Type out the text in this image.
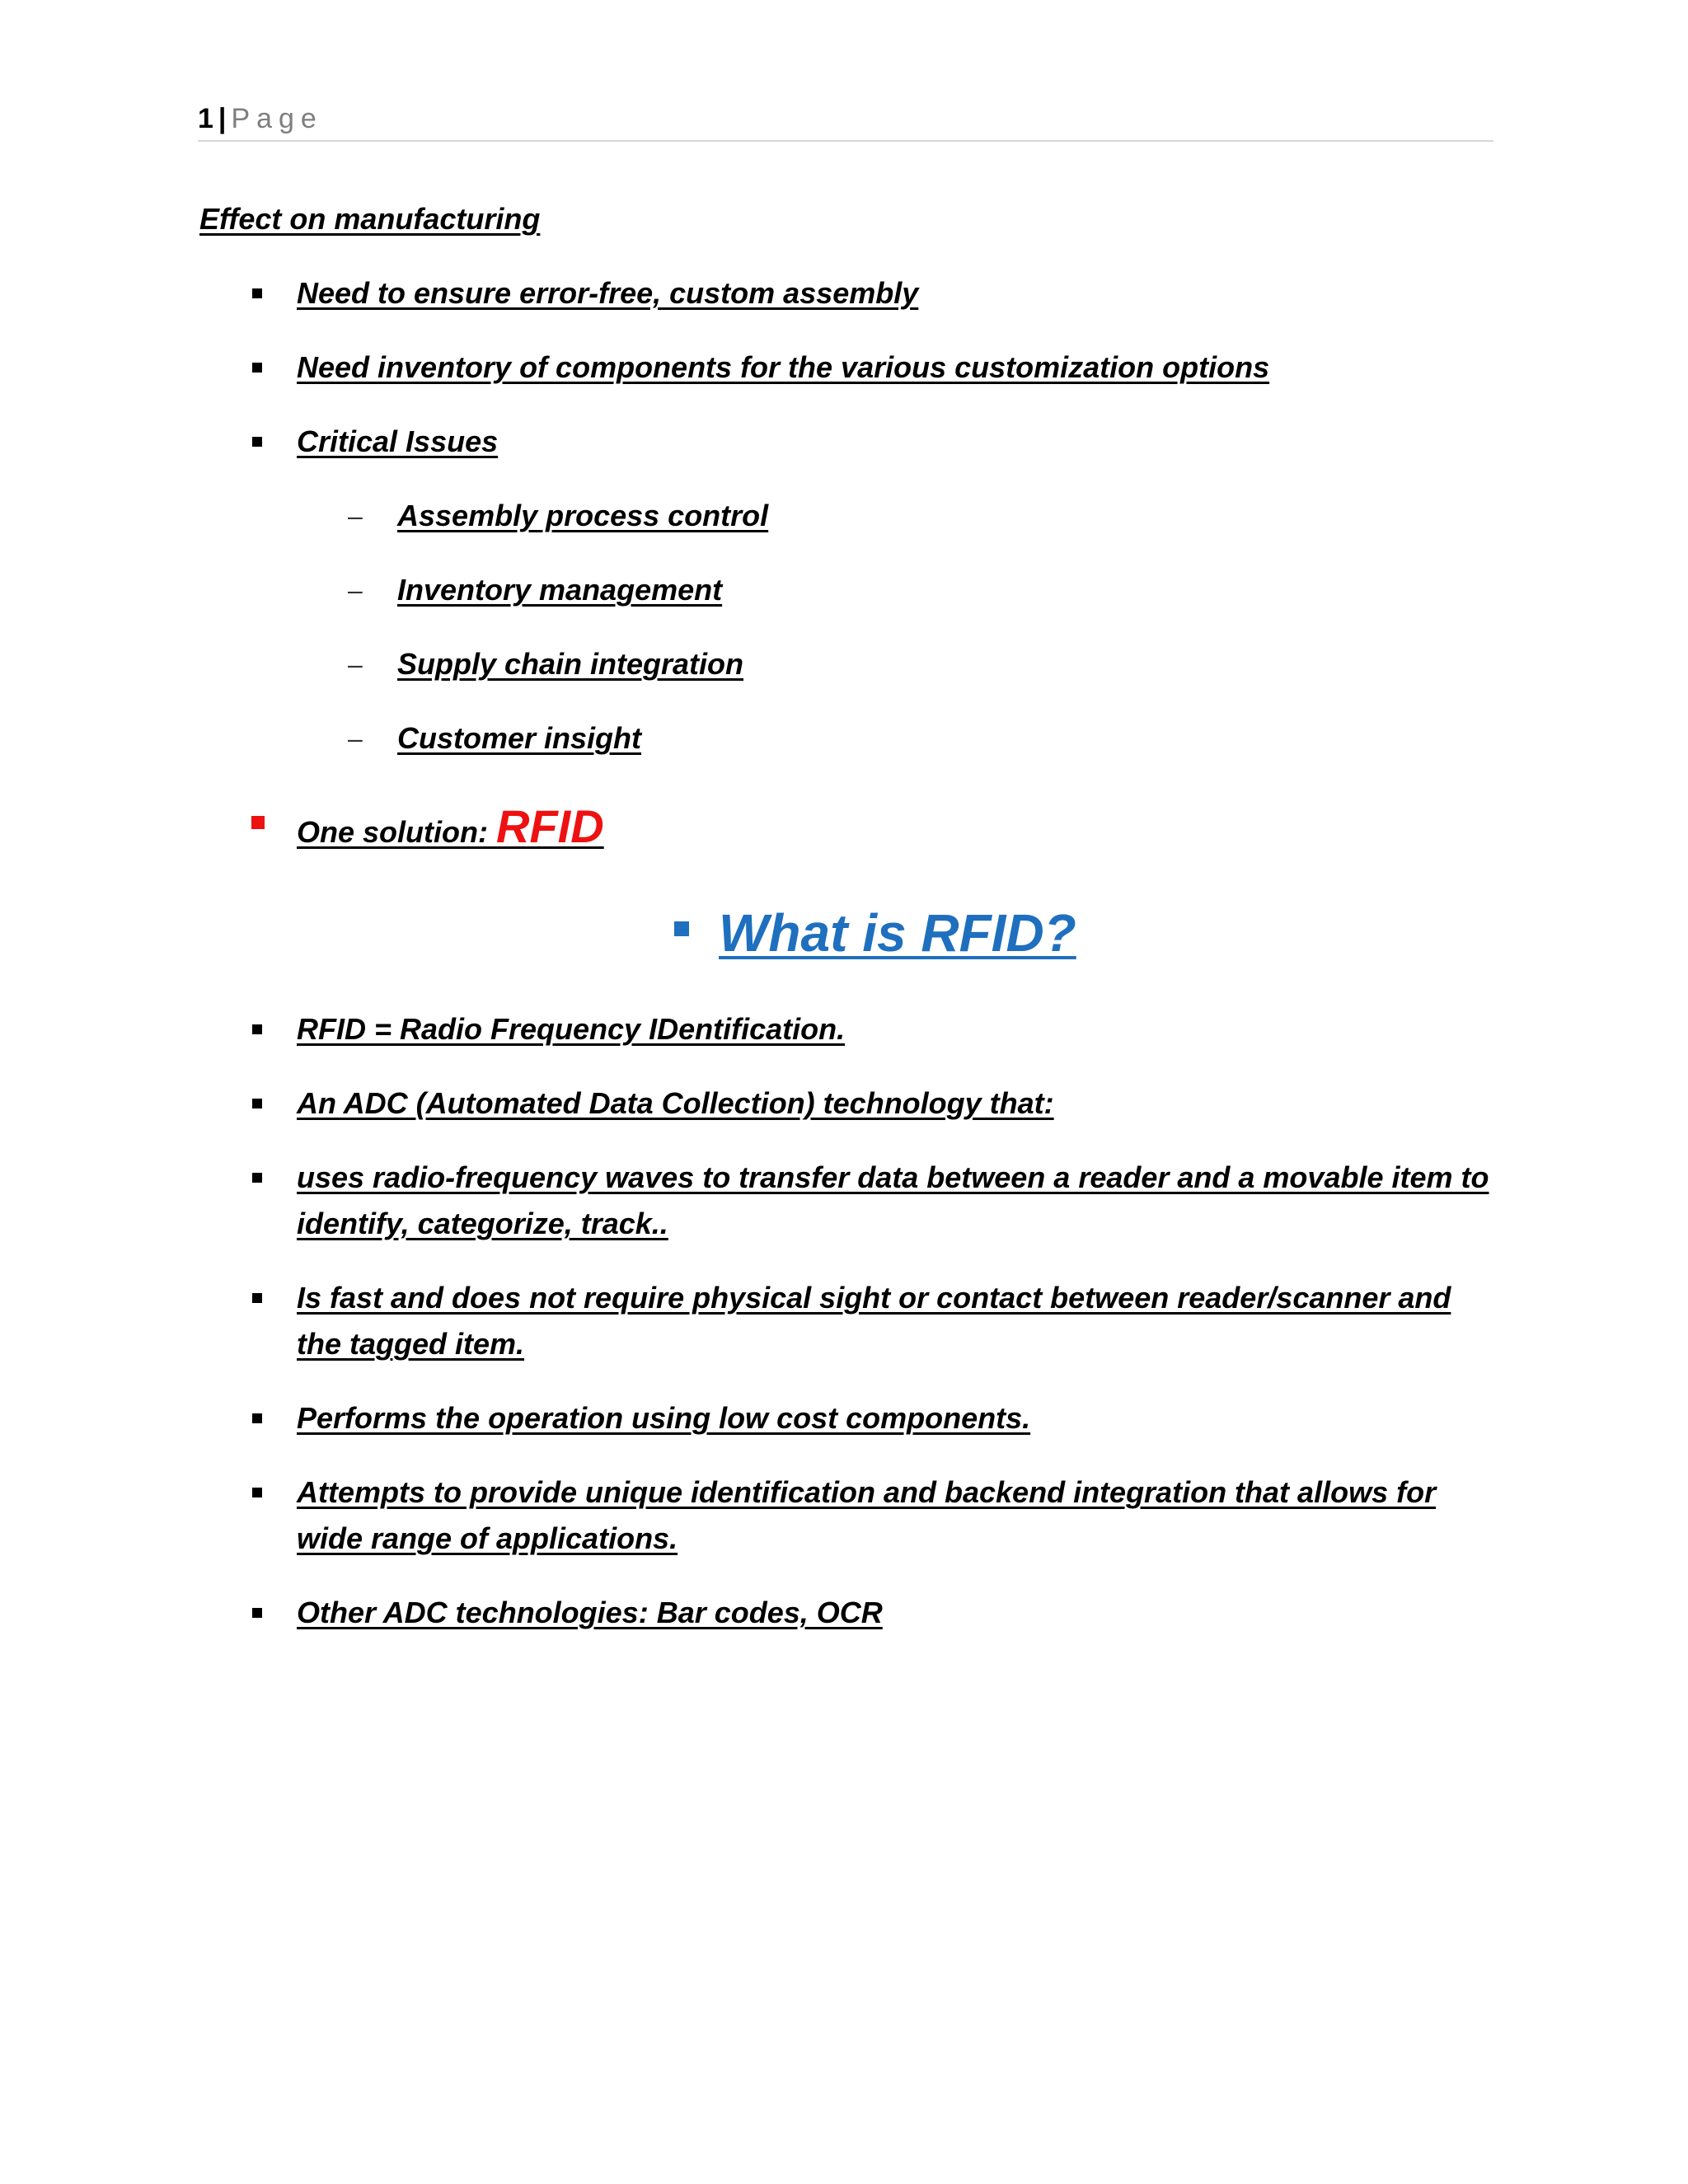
1 | Page
Effect on manufacturing
Need to ensure error-free, custom assembly
Need inventory of components for the various customization options
Critical Issues
– Assembly process control
– Inventory management
– Supply chain integration
– Customer insight
One solution: RFID
What is RFID?
RFID = Radio Frequency IDentification.
An ADC (Automated Data Collection) technology that:
uses radio-frequency waves to transfer data between a reader and a movable item to identify, categorize, track..
Is fast and does not require physical sight or contact between reader/scanner and the tagged item.
Performs the operation using low cost components.
Attempts to provide unique identification and backend integration that allows for wide range of applications.
Other ADC technologies: Bar codes, OCR
